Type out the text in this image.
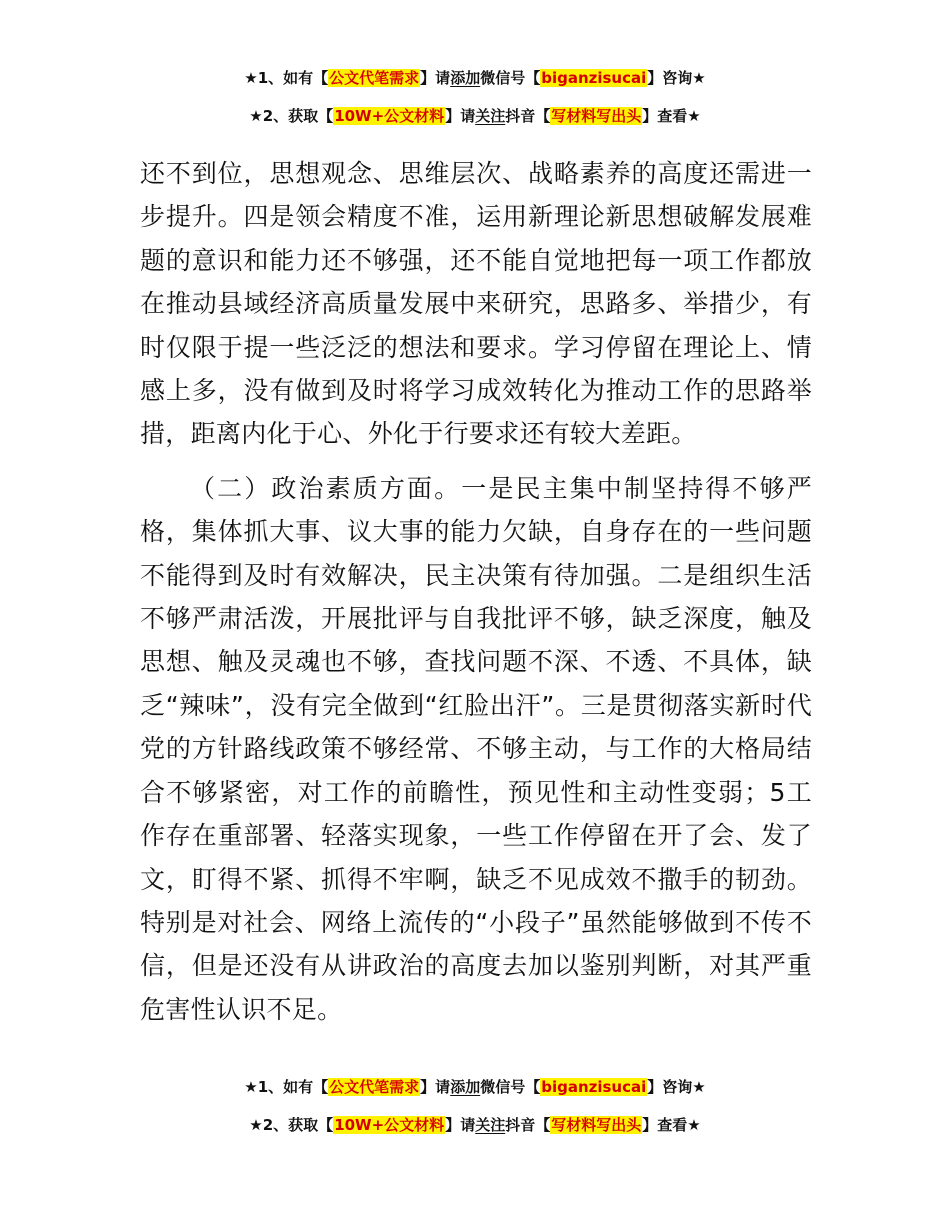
★1、如有【公文代笔需求】请添加微信号【biganzisucai】咨询★
★2、获取【10W+公文材料】请关注抖音【写材料写出头】查看★

还不到位，思想观念、思维层次、战略素养的高度还需进一步提升。四是领会精度不准，运用新理论新思想破解发展难题的意识和能力还不够强，还不能自觉地把每一项工作都放在推动县域经济高质量发展中来研究，思路多、举措少，有时仅限于提一些泛泛的想法和要求。学习停留在理论上、情感上多，没有做到及时将学习成效转化为推动工作的思路举措，距离内化于心、外化于行要求还有较大差距。

（二）政治素质方面。一是民主集中制坚持得不够严格，集体抓大事、议大事的能力欠缺，自身存在的一些问题不能得到及时有效解决，民主决策有待加强。二是组织生活不够严肃活泼，开展批评与自我批评不够，缺乏深度，触及思想、触及灵魂也不够，查找问题不深、不透、不具体，缺乏“辣味”，没有完全做到“红脸出汗”。三是贯彻落实新时代党的方针路线政策不够经常、不够主动，与工作的大格局结合不够紧密，对工作的前瞻性，预见性和主动性变弱；5工作存在重部署、轻落实现象，一些工作停留在开了会、发了文，盯得不紧、抓得不牢啊，缺乏不见成效不撒手的韧劲。特别是对社会、网络上流传的“小段子”虽然能够做到不传不信，但是还没有从讲政治的高度去加以鉴别判断，对其严重危害性认识不足。

★1、如有【公文代笔需求】请添加微信号【biganzisucai】咨询★
★2、获取【10W+公文材料】请关注抖音【写材料写出头】查看★
